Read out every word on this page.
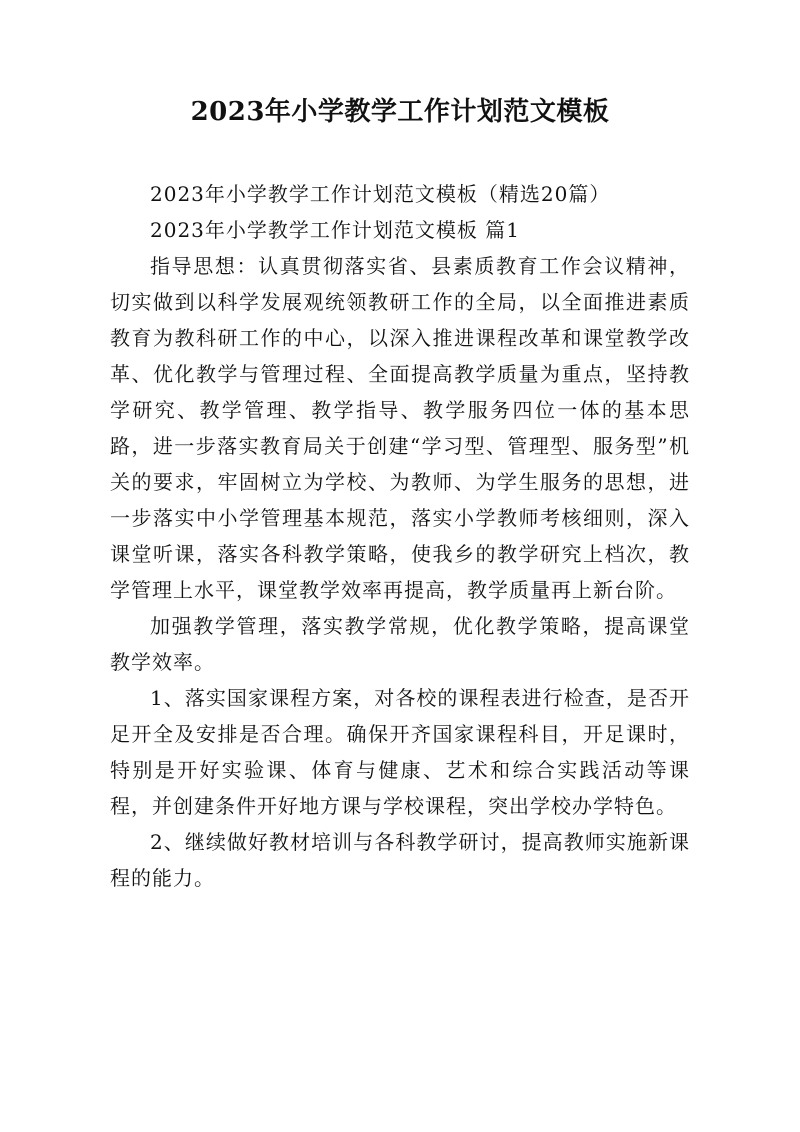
2023年小学教学工作计划范文模板

2023年小学教学工作计划范文模板（精选20篇）

2023年小学教学工作计划范文模板 篇1

指导思想：认真贯彻落实省、县素质教育工作会议精神，切实做到以科学发展观统领教研工作的全局，以全面推进素质教育为教科研工作的中心，以深入推进课程改革和课堂教学改革、优化教学与管理过程、全面提高教学质量为重点，坚持教学研究、教学管理、教学指导、教学服务四位一体的基本思路，进一步落实教育局关于创建“学习型、管理型、服务型”机关的要求，牢固树立为学校、为教师、为学生服务的思想，进一步落实中小学管理基本规范，落实小学教师考核细则，深入课堂听课，落实各科教学策略，使我乡的教学研究上档次，教学管理上水平，课堂教学效率再提高，教学质量再上新台阶。

加强教学管理，落实教学常规，优化教学策略，提高课堂教学效率。

1、落实国家课程方案，对各校的课程表进行检查，是否开足开全及安排是否合理。确保开齐国家课程科目，开足课时，特别是开好实验课、体育与健康、艺术和综合实践活动等课程，并创建条件开好地方课与学校课程，突出学校办学特色。

2、继续做好教材培训与各科教学研讨，提高教师实施新课程的能力。
